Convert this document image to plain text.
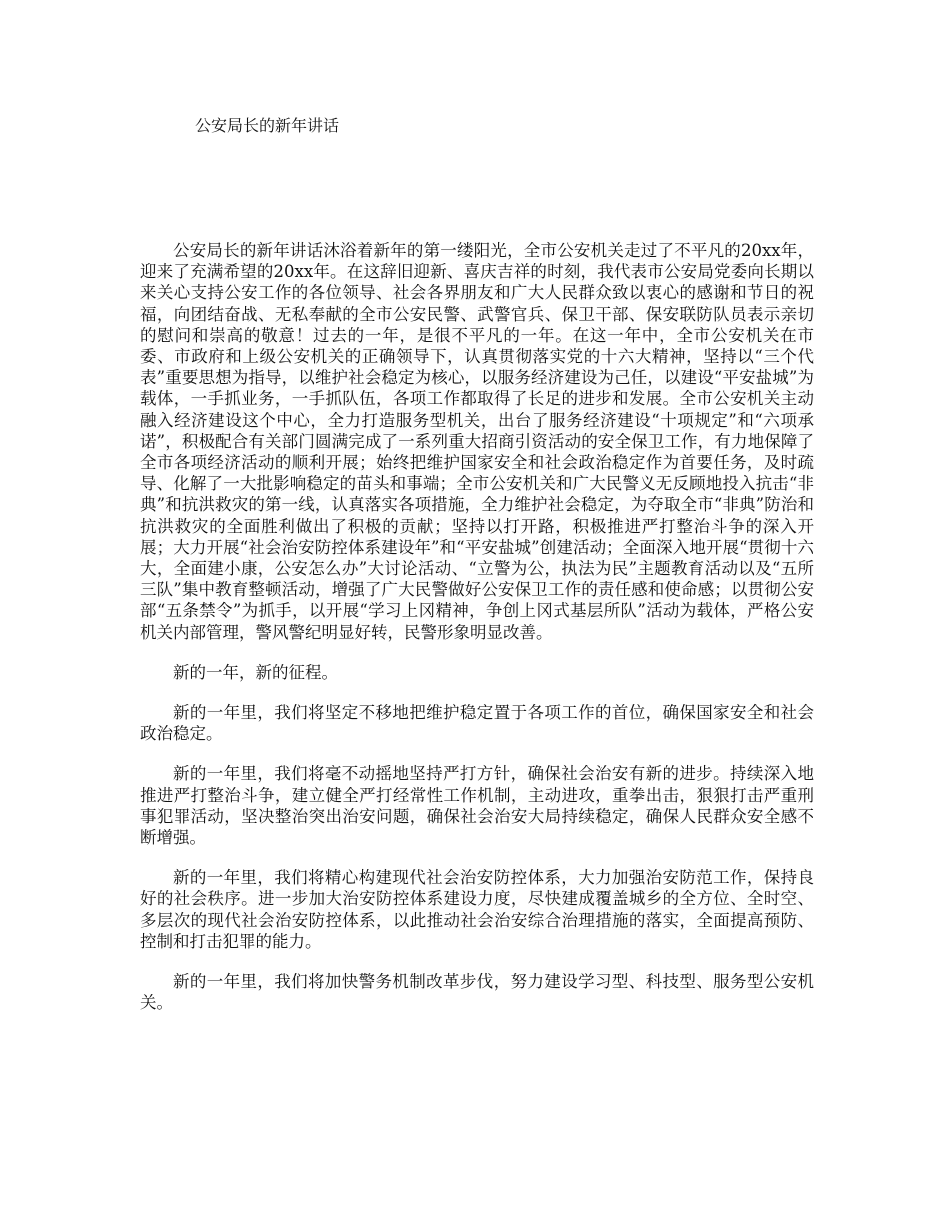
公安局长的新年讲话

公安局长的新年讲话沐浴着新年的第一缕阳光，全市公安机关走过了不平凡的20xx年，迎来了充满希望的20xx年。在这辞旧迎新、喜庆吉祥的时刻，我代表市公安局党委向长期以来关心支持公安工作的各位领导、社会各界朋友和广大人民群众致以衷心的感谢和节日的祝福，向团结奋战、无私奉献的全市公安民警、武警官兵、保卫干部、保安联防队员表示亲切的慰问和崇高的敬意！过去的一年，是很不平凡的一年。在这一年中，全市公安机关在市委、市政府和上级公安机关的正确领导下，认真贯彻落实党的十六大精神，坚持以“三个代表”重要思想为指导，以维护社会稳定为核心，以服务经济建设为己任，以建设“平安盐城”为载体，一手抓业务，一手抓队伍，各项工作都取得了长足的进步和发展。全市公安机关主动融入经济建设这个中心，全力打造服务型机关，出台了服务经济建设“十项规定”和“六项承诺”，积极配合有关部门圆满完成了一系列重大招商引资活动的安全保卫工作，有力地保障了全市各项经济活动的顺利开展；始终把维护国家安全和社会政治稳定作为首要任务，及时疏导、化解了一大批影响稳定的苗头和事端；全市公安机关和广大民警义无反顾地投入抗击“非典”和抗洪救灾的第一线，认真落实各项措施，全力维护社会稳定，为夺取全市“非典”防治和抗洪救灾的全面胜利做出了积极的贡献；坚持以打开路，积极推进严打整治斗争的深入开展；大力开展“社会治安防控体系建设年”和“平安盐城”创建活动；全面深入地开展“贯彻十六大，全面建小康，公安怎么办”大讨论活动、“立警为公，执法为民”主题教育活动以及“五所三队”集中教育整顿活动，增强了广大民警做好公安保卫工作的责任感和使命感；以贯彻公安部“五条禁令”为抓手，以开展“学习上冈精神，争创上冈式基层所队”活动为载体，严格公安机关内部管理，警风警纪明显好转，民警形象明显改善。

新的一年，新的征程。

新的一年里，我们将坚定不移地把维护稳定置于各项工作的首位，确保国家安全和社会政治稳定。

新的一年里，我们将毫不动摇地坚持严打方针，确保社会治安有新的进步。持续深入地推进严打整治斗争，建立健全严打经常性工作机制，主动进攻，重拳出击，狠狠打击严重刑事犯罪活动，坚决整治突出治安问题，确保社会治安大局持续稳定，确保人民群众安全感不断增强。

新的一年里，我们将精心构建现代社会治安防控体系，大力加强治安防范工作，保持良好的社会秩序。进一步加大治安防控体系建设力度，尽快建成覆盖城乡的全方位、全时空、多层次的现代社会治安防控体系，以此推动社会治安综合治理措施的落实，全面提高预防、控制和打击犯罪的能力。

新的一年里，我们将加快警务机制改革步伐，努力建设学习型、科技型、服务型公安机关。
